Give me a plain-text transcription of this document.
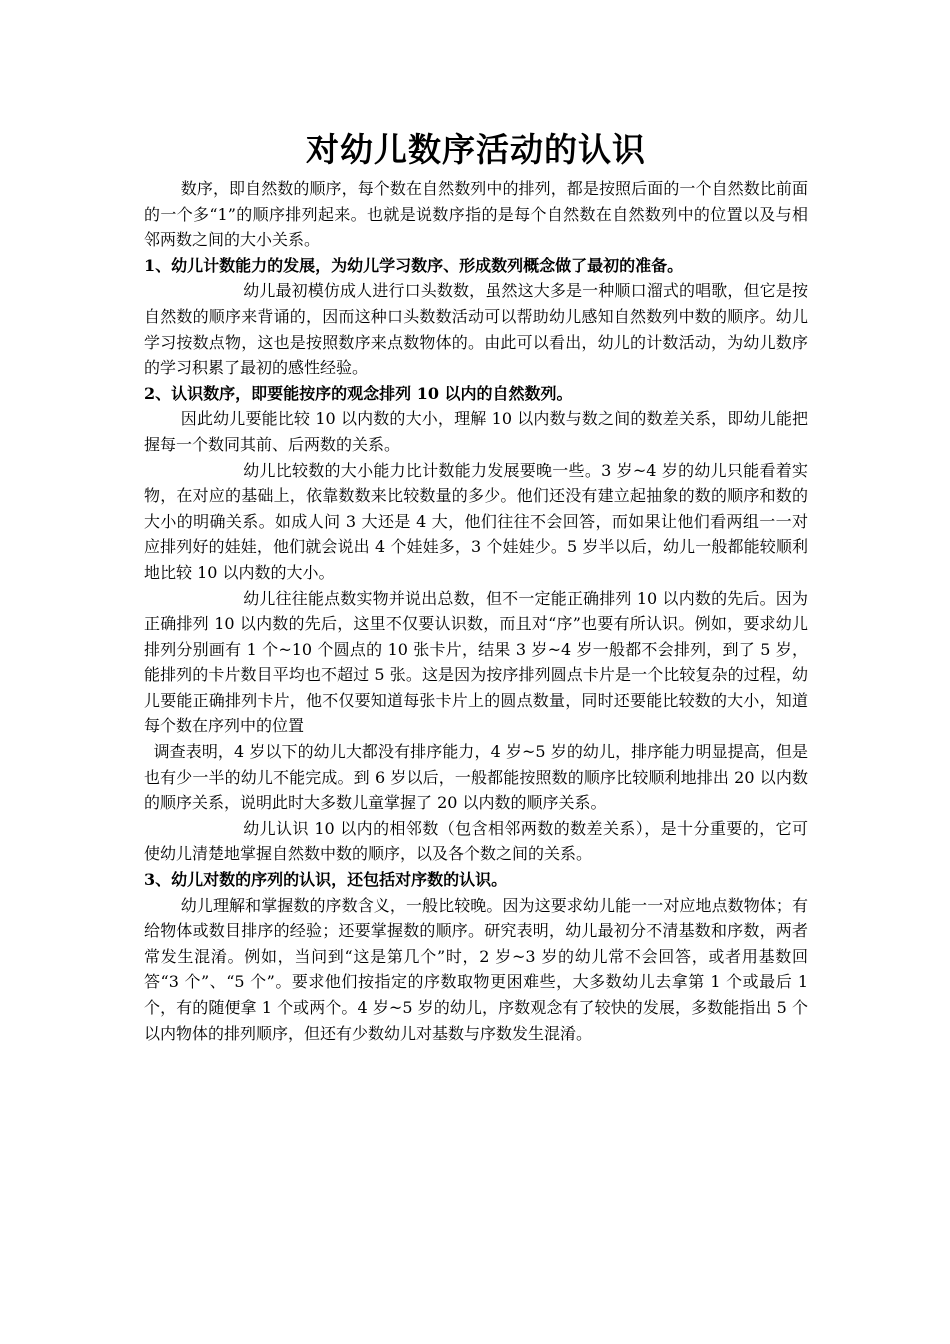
对幼儿数序活动的认识

数序，即自然数的顺序，每个数在自然数列中的排列，都是按照后面的一个自然数比前面的一个多“1”的顺序排列起来。也就是说数序指的是每个自然数在自然数列中的位置以及与相邻两数之间的大小关系。

1、幼儿计数能力的发展，为幼儿学习数序、形成数列概念做了最初的准备。

幼儿最初模仿成人进行口头数数，虽然这大多是一种顺口溜式的唱歌，但它是按自然数的顺序来背诵的，因而这种口头数数活动可以帮助幼儿感知自然数列中数的顺序。幼儿学习按数点物，这也是按照数序来点数物体的。由此可以看出，幼儿的计数活动，为幼儿数序的学习积累了最初的感性经验。

2、认识数序，即要能按序的观念排列 10 以内的自然数列。

因此幼儿要能比较 10 以内数的大小，理解 10 以内数与数之间的数差关系，即幼儿能把握每一个数同其前、后两数的关系。

幼儿比较数的大小能力比计数能力发展要晚一些。3 岁~4 岁的幼儿只能看着实物，在对应的基础上，依靠数数来比较数量的多少。他们还没有建立起抽象的数的顺序和数的大小的明确关系。如成人问 3 大还是 4 大，他们往往不会回答，而如果让他们看两组一一对应排列好的娃娃，他们就会说出 4 个娃娃多，3 个娃娃少。5 岁半以后，幼儿一般都能较顺利地比较 10 以内数的大小。

幼儿往往能点数实物并说出总数，但不一定能正确排列 10 以内数的先后。因为正确排列 10 以内数的先后，这里不仅要认识数，而且对“序”也要有所认识。例如，要求幼儿排列分别画有 1 个~10 个圆点的 10 张卡片，结果 3 岁~4 岁一般都不会排列，到了 5 岁，能排列的卡片数目平均也不超过 5 张。这是因为按序排列圆点卡片是一个比较复杂的过程，幼儿要能正确排列卡片，他不仅要知道每张卡片上的圆点数量，同时还要能比较数的大小，知道每个数在序列中的位置

调查表明，4 岁以下的幼儿大都没有排序能力，4 岁~5 岁的幼儿，排序能力明显提高，但是也有少一半的幼儿不能完成。到 6 岁以后，一般都能按照数的顺序比较顺利地排出 20 以内数的顺序关系，说明此时大多数儿童掌握了 20 以内数的顺序关系。

幼儿认识 10 以内的相邻数（包含相邻两数的数差关系），是十分重要的，它可使幼儿清楚地掌握自然数中数的顺序，以及各个数之间的关系。

3、幼儿对数的序列的认识，还包括对序数的认识。

幼儿理解和掌握数的序数含义，一般比较晚。因为这要求幼儿能一一对应地点数物体；有给物体或数目排序的经验；还要掌握数的顺序。研究表明，幼儿最初分不清基数和序数，两者常发生混淆。例如，当问到“这是第几个”时，2 岁~3 岁的幼儿常不会回答，或者用基数回答“3 个”、“5 个”。要求他们按指定的序数取物更困难些，大多数幼儿去拿第 1 个或最后 1 个，有的随便拿 1 个或两个。4 岁~5 岁的幼儿，序数观念有了较快的发展，多数能指出 5 个以内物体的排列顺序，但还有少数幼儿对基数与序数发生混淆。
